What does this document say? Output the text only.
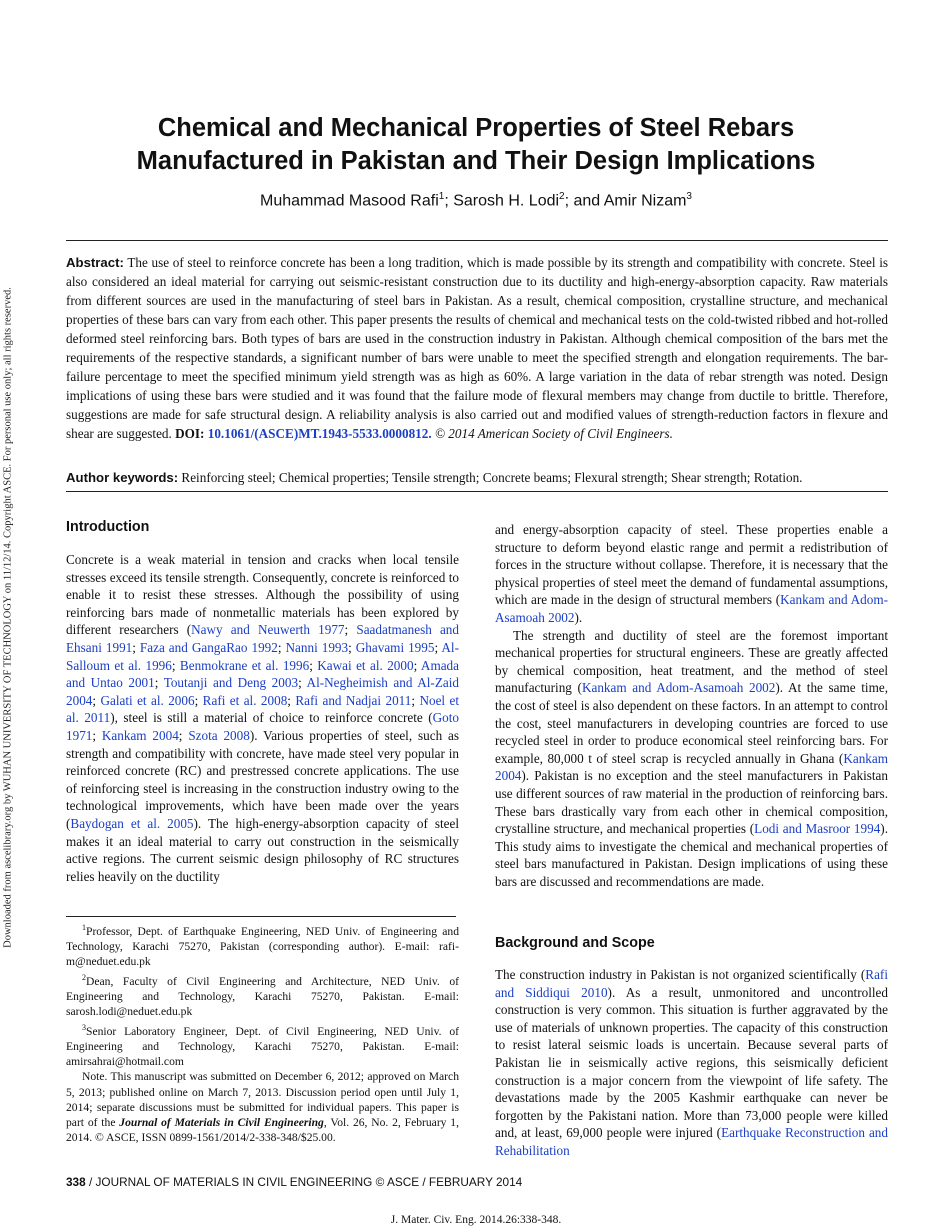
Downloaded from ascelibrary.org by WUHAN UNIVERSITY OF TECHNOLOGY on 11/12/14. Copyright ASCE. For personal use only; all rights reserved.
Chemical and Mechanical Properties of Steel Rebars
Manufactured in Pakistan and Their Design Implications
Muhammad Masood Rafi$^1$; Sarosh H. Lodi$^2$; and Amir Nizam$^3$
Abstract: The use of steel to reinforce concrete has been a long tradition, which is made possible by its strength and compatibility with concrete. Steel is also considered an ideal material for carrying out seismic-resistant construction due to its ductility and high-energy-absorption capacity. Raw materials from different sources are used in the manufacturing of steel bars in Pakistan. As a result, chemical composition, crystalline structure, and mechanical properties of these bars can vary from each other. This paper presents the results of chemical and mechanical tests on the cold-twisted ribbed and hot-rolled deformed steel reinforcing bars. Both types of bars are used in the construction industry in Pakistan. Although chemical composition of the bars met the requirements of the respective standards, a significant number of bars were unable to meet the specified strength and elongation requirements. The bar-failure percentage to meet the specified minimum yield strength was as high as 60%. A large variation in the data of rebar strength was noted. Design implications of using these bars were studied and it was found that the failure mode of flexural members may change from ductile to brittle. Therefore, suggestions are made for safe structural design. A reliability analysis is also carried out and modified values of strength-reduction factors in flexure and shear are suggested. DOI: 10.1061/(ASCE)MT.1943-5533.0000812. © 2014 American Society of Civil Engineers.
Author keywords: Reinforcing steel; Chemical properties; Tensile strength; Concrete beams; Flexural strength; Shear strength; Rotation.
Introduction

Concrete is a weak material in tension and cracks when local tensile stresses exceed its tensile strength. Consequently, concrete is reinforced to enable it to resist these stresses. Although the possibility of using reinforcing bars made of nonmetallic materials has been explored by different researchers (Nawy and Neuwerth 1977; Saadatmanesh and Ehsani 1991; Faza and GangaRao 1992; Nanni 1993; Ghavami 1995; Al-Salloum et al. 1996; Benmokrane et al. 1996; Kawai et al. 2000; Amada and Untao 2001; Toutanji and Deng 2003; Al-Negheimish and Al-Zaid 2004; Galati et al. 2006; Rafi et al. 2008; Rafi and Nadjai 2011; Noel et al. 2011), steel is still a material of choice to reinforce concrete (Goto 1971; Kankam 2004; Szota 2008). Various properties of steel, such as strength and compatibility with concrete, have made steel very popular in reinforced concrete (RC) and prestressed concrete applications. The use of reinforcing steel is increasing in the construction industry owing to the technological improvements, which have been made over the years (Baydogan et al. 2005). The high-energy-absorption capacity of steel makes it an ideal material to carry out construction in the seismically active regions. The current seismic design philosophy of RC structures relies heavily on the ductility

$^1$Professor, Dept. of Earthquake Engineering, NED Univ. of Engineering and Technology, Karachi 75270, Pakistan (corresponding author). E-mail: rafi-m@neduet.edu.pk

$^2$Dean, Faculty of Civil Engineering and Architecture, NED Univ. of Engineering and Technology, Karachi 75270, Pakistan. E-mail: sarosh.lodi@neduet.edu.pk

$^3$Senior Laboratory Engineer, Dept. of Civil Engineering, NED Univ. of Engineering and Technology, Karachi 75270, Pakistan. E-mail: amirsahrai@hotmail.com

Note. This manuscript was submitted on December 6, 2012; approved on March 5, 2013; published online on March 7, 2013. Discussion period open until July 1, 2014; separate discussions must be submitted for individual papers. This paper is part of the Journal of Materials in Civil Engineering, Vol. 26, No. 2, February 1, 2014. © ASCE, ISSN 0899-1561/2014/2-338-348/$25.00.

and energy-absorption capacity of steel. These properties enable a structure to deform beyond elastic range and permit a redistribution of forces in the structure without collapse. Therefore, it is necessary that the physical properties of steel meet the demand of fundamental assumptions, which are made in the design of structural members (Kankam and Adom-Asamoah 2002).

The strength and ductility of steel are the foremost important mechanical properties for structural engineers. These are greatly affected by chemical composition, heat treatment, and the method of steel manufacturing (Kankam and Adom-Asamoah 2002). At the same time, the cost of steel is also dependent on these factors. In an attempt to control the cost, steel manufacturers in developing countries are forced to use recycled steel in order to produce economical steel reinforcing bars. For example, 80,000 t of steel scrap is recycled annually in Ghana (Kankam 2004). Pakistan is no exception and the steel manufacturers in Pakistan use different sources of raw material in the production of reinforcing bars. These bars drastically vary from each other in chemical composition, crystalline structure, and mechanical properties (Lodi and Masroor 1994). This study aims to investigate the chemical and mechanical properties of steel bars manufactured in Pakistan. Design implications of using these bars are discussed and recommendations are made.

Background and Scope

The construction industry in Pakistan is not organized scientifically (Rafi and Siddiqui 2010). As a result, unmonitored and uncontrolled construction is very common. This situation is further aggravated by the use of materials of unknown properties. The capacity of this construction to resist lateral seismic loads is uncertain. Because several parts of Pakistan lie in seismically active regions, this seismically deficient construction is a major concern from the viewpoint of life safety. The devastations made by the 2005 Kashmir earthquake can never be forgotten by the Pakistani nation. More than 73,000 people were killed and, at least, 69,000 people were injured (Earthquake Reconstruction and Rehabilitation

338 / JOURNAL OF MATERIALS IN CIVIL ENGINEERING © ASCE / FEBRUARY 2014
J. Mater. Civ. Eng. 2014.26:338-348.
